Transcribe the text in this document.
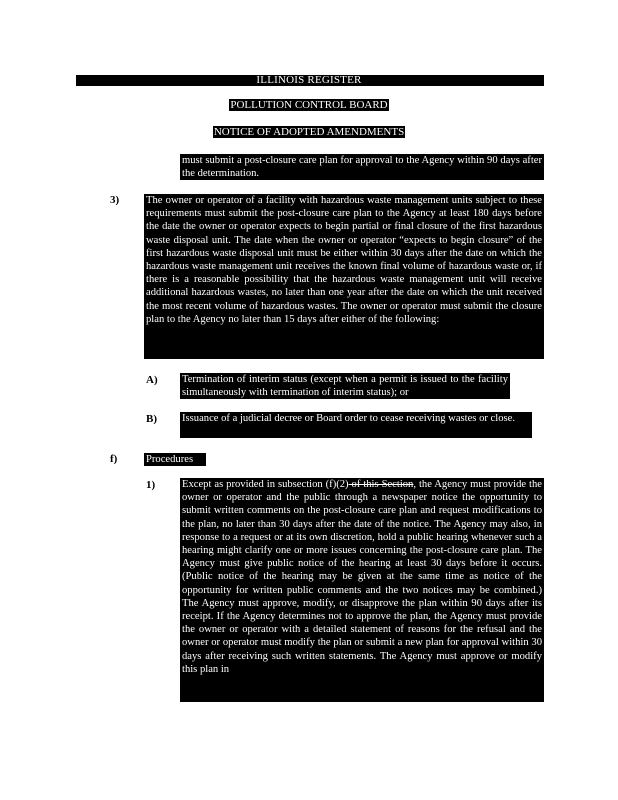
ILLINOIS REGISTER
POLLUTION CONTROL BOARD
NOTICE OF ADOPTED AMENDMENTS
must submit a post-closure care plan for approval to the Agency within 90 days after the determination.
3)	The owner or operator of a facility with hazardous waste management units subject to these requirements must submit the post-closure care plan to the Agency at least 180 days before the date the owner or operator expects to begin partial or final closure of the first hazardous waste disposal unit. The date when the owner or operator “expects to begin closure” of the first hazardous waste disposal unit must be either within 30 days after the date on which the hazardous waste management unit receives the known final volume of hazardous waste or, if there is a reasonable possibility that the hazardous waste management unit will receive additional hazardous wastes, no later than one year after the date on which the unit received the most recent volume of hazardous wastes. The owner or operator must submit the closure plan to the Agency no later than 15 days after either of the following:
A) Termination of interim status (except when a permit is issued to the facility simultaneously with termination of interim status); or
B) Issuance of a judicial decree or Board order to cease receiving wastes or close.
f)	Procedures
1)	Except as provided in subsection (f)(2) of this Section, the Agency must provide the owner or operator and the public through a newspaper notice the opportunity to submit written comments on the post-closure care plan and request modifications to the plan, no later than 30 days after the date of the notice. The Agency may also, in response to a request or at its own discretion, hold a public hearing whenever such a hearing might clarify one or more issues concerning the post-closure care plan. The Agency must give public notice of the hearing at least 30 days before it occurs. (Public notice of the hearing may be given at the same time as notice of the opportunity for written public comments and the two notices may be combined.) The Agency must approve, modify, or disapprove the plan within 90 days after its receipt. If the Agency determines not to approve the plan, the Agency must provide the owner or operator with a detailed statement of reasons for the refusal and the owner or operator must modify the plan or submit a new plan for approval within 30 days after receiving such written statements. The Agency must approve or modify this plan in
